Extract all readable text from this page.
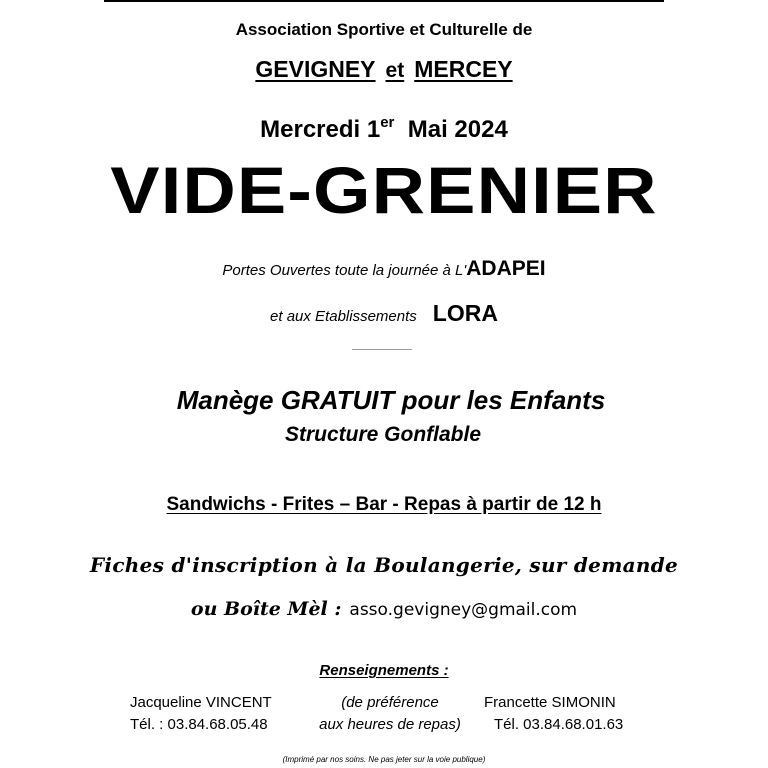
Association Sportive et Culturelle de
GEVIGNEY et MERCEY
Mercredi 1er Mai 2024
VIDE-GRENIER
Portes Ouvertes toute la journée à L'ADAPEI
et aux Etablissements LORA
Manège GRATUIT pour les Enfants
Structure Gonflable
Sandwichs - Frites – Bar - Repas à partir de 12 h
Fiches d'inscription à la Boulangerie, sur demande
ou Boîte Mèl : asso.gevigney@gmail.com
Renseignements :
Jacqueline VINCENT
Tél. : 03.84.68.05.48
(de préférence
aux heures de repas)
Francette SIMONIN
Tél. 03.84.68.01.63
(Imprimé par nos soins. Ne pas jeter sur la voie publique)
